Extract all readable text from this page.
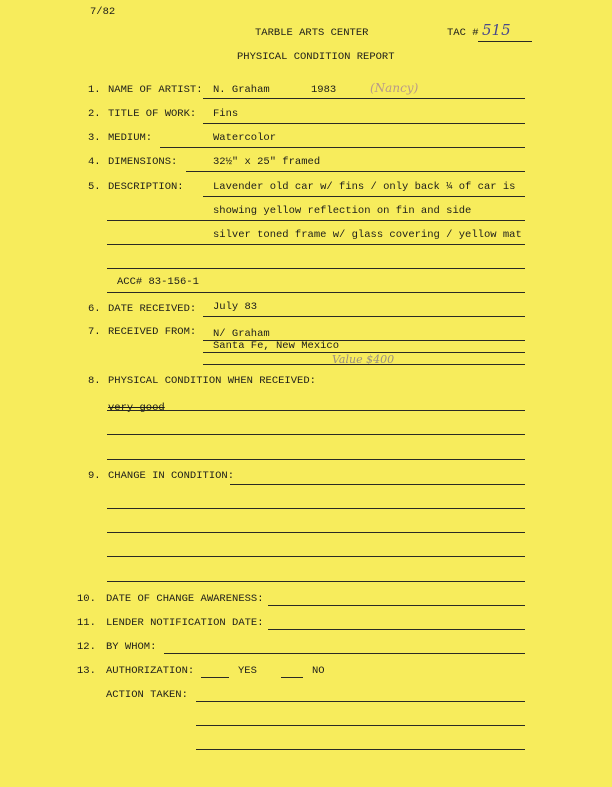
7/82
TARBLE ARTS CENTER	TAC # 515
PHYSICAL CONDITION REPORT
1. NAME OF ARTIST: N. Graham	1983	(Nancy)
2. TITLE OF WORK: Fins
3. MEDIUM:	Watercolor
4. DIMENSIONS:	32½" x 25" framed
5. DESCRIPTION:	Lavender old car w/ fins / only back ¼ of car is
showing yellow reflection on fin and side
silver toned frame w/ glass covering / yellow mat
ACC# 83-156-1
6. DATE RECEIVED: July 83
7. RECEIVED FROM: N/ Graham
Santa Fe, New Mexico
Value $400
8. PHYSICAL CONDITION WHEN RECEIVED:
very good
9. CHANGE IN CONDITION:
10. DATE OF CHANGE AWARENESS:
11. LENDER NOTIFICATION DATE:
12. BY WHOM:
13. AUTHORIZATION:	YES	NO
ACTION TAKEN:
